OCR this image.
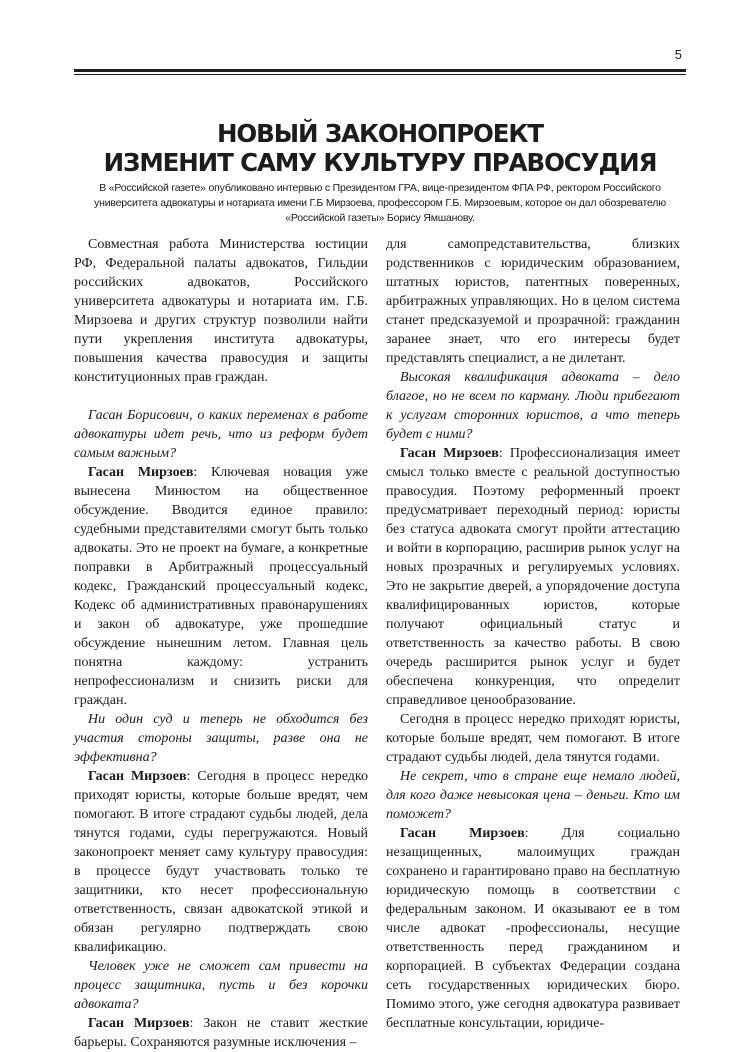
5
НОВЫЙ ЗАКОНОПРОЕКТ
ИЗМЕНИТ САМУ КУЛЬТУРУ ПРАВОСУДИЯ

В «Российской газете» опубликовано интервью с Президентом ГРА, вице-президентом ФПА РФ, ректором Российского университета адвокатуры и нотариата имени Г.Б Мирзоева, профессором Г.Б. Мирзоевым, которое он дал обозревателю «Российской газеты» Борису Ямшанову.

Совместная работа Министерства юстиции РФ, Федеральной палаты адвокатов, Гильдии российских адвокатов, Российского университета адвокатуры и нотариата им. Г.Б. Мирзоева и других структур позволили найти пути укрепления института адвокатуры, повышения качества правосудия и защиты конституционных прав граждан.

Гасан Борисович, о каких переменах в работе адвокатуры идет речь, что из реформ будет самым важным?

Гасан Мирзоев: Ключевая новация уже вынесена Минюстом на общественное обсуждение. Вводится единое правило: судебными представителями смогут быть только адвокаты. Это не проект на бумаге, а конкретные поправки в Арбитражный процессуальный кодекс, Гражданский процессуальный кодекс, Кодекс об административных правонарушениях и закон об адвокатуре, уже прошедшие обсуждение нынешним летом. Главная цель понятна каждому: устранить непрофессионализм и снизить риски для граждан.

Ни один суд и теперь не обходится без участия стороны защиты, разве она не эффективна?

Гасан Мирзоев: Сегодня в процесс нередко приходят юристы, которые больше вредят, чем помогают. В итоге страдают судьбы людей, дела тянутся годами, суды перегружаются. Новый законопроект меняет саму культуру правосудия: в процессе будут участвовать только те защитники, кто несет профессиональную ответственность, связан адвокатской этикой и обязан регулярно подтверждать свою квалификацию.

Человек уже не сможет сам привести на процесс защитника, пусть и без корочки адвоката?

Гасан Мирзоев: Закон не ставит жесткие барьеры. Сохраняются разумные исключения –

для самопредставительства, близких родственников с юридическим образованием, штатных юристов, патентных поверенных, арбитражных управляющих. Но в целом система станет предсказуемой и прозрачной: гражданин заранее знает, что его интересы будет представлять специалист, а не дилетант.

Высокая квалификация адвоката – дело благое, но не всем по карману. Люди прибегают к услугам сторонних юристов, а что теперь будет с ними?

Гасан Мирзоев: Профессионализация имеет смысл только вместе с реальной доступностью правосудия. Поэтому реформенный проект предусматривает переходный период: юристы без статуса адвоката смогут пройти аттестацию и войти в корпорацию, расширив рынок услуг на новых прозрачных и регулируемых условиях. Это не закрытие дверей, а упорядочение доступа квалифицированных юристов, которые получают официальный статус и ответственность за качество работы. В свою очередь расширится рынок услуг и будет обеспечена конкуренция, что определит справедливое ценообразование.

Сегодня в процесс нередко приходят юристы, которые больше вредят, чем помогают. В итоге страдают судьбы людей, дела тянутся годами.

Не секрет, что в стране еще немало людей, для кого даже невысокая цена – деньги. Кто им поможет?

Гасан Мирзоев: Для социально незащищенных, малоимущих граждан сохранено и гарантировано право на бесплатную юридическую помощь в соответствии с федеральным законом. И оказывают ее в том числе адвокат -профессионалы, несущие ответственность перед гражданином и корпорацией. В субъектах Федерации создана сеть государственных юридических бюро. Помимо этого, уже сегодня адвокатура развивает бесплатные консультации, юридиче-
